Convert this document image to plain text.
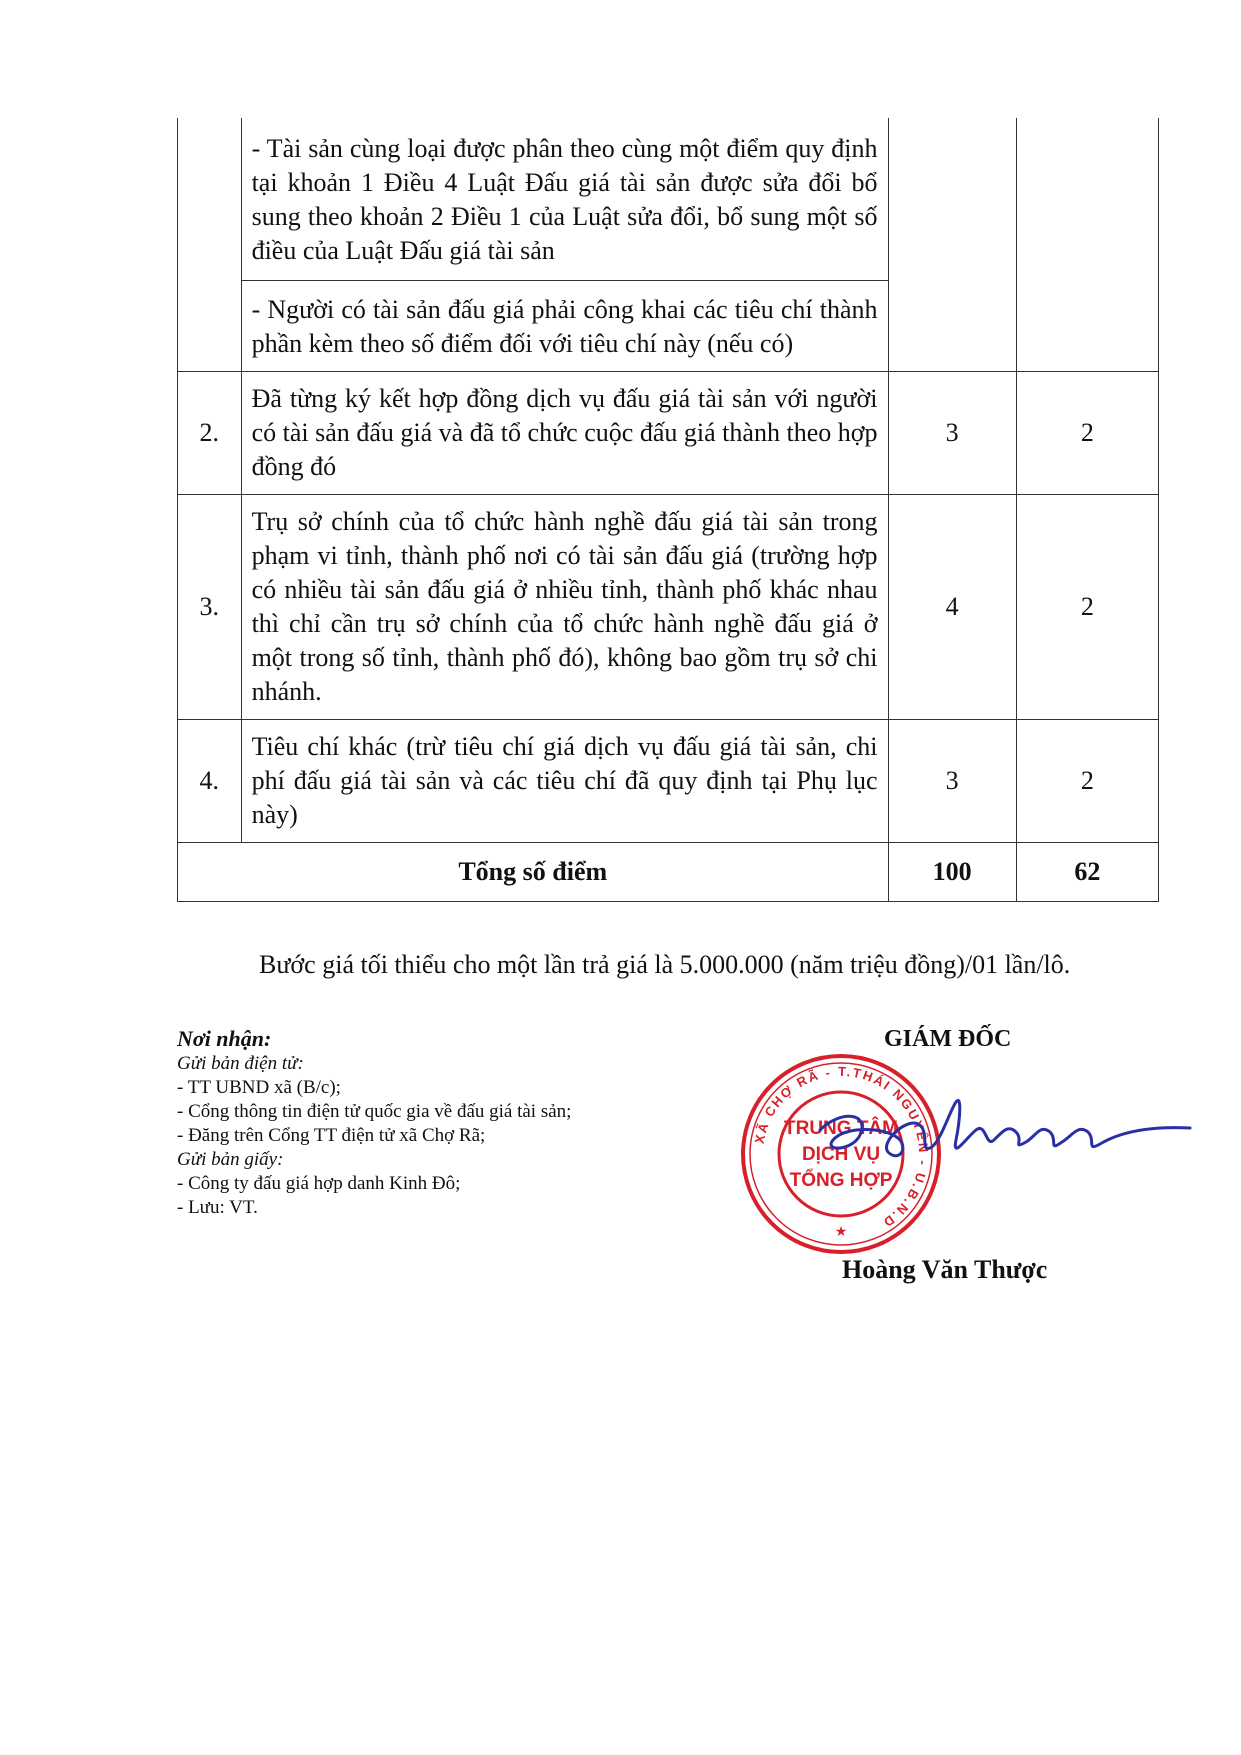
	- Tài sản cùng loại được phân theo cùng một điểm quy định tại khoản 1 Điều 4 Luật Đấu giá tài sản được sửa đổi bổ sung theo khoản 2 Điều 1 của Luật sửa đổi, bổ sung một số điều của Luật Đấu giá tài sản		
	- Người có tài sản đấu giá phải công khai các tiêu chí thành phần kèm theo số điểm đối với tiêu chí này (nếu có)		
2.	Đã từng ký kết hợp đồng dịch vụ đấu giá tài sản với người có tài sản đấu giá và đã tổ chức cuộc đấu giá thành theo hợp đồng đó	3	2
3.	Trụ sở chính của tổ chức hành nghề đấu giá tài sản trong phạm vi tỉnh, thành phố nơi có tài sản đấu giá (trường hợp có nhiều tài sản đấu giá ở nhiều tỉnh, thành phố khác nhau thì chỉ cần trụ sở chính của tổ chức hành nghề đấu giá ở một trong số tỉnh, thành phố đó), không bao gồm trụ sở chi nhánh.	4	2
4.	Tiêu chí khác (trừ tiêu chí giá dịch vụ đấu giá tài sản, chi phí đấu giá tài sản và các tiêu chí đã quy định tại Phụ lục này)	3	2
Tổng số điểm		100	62
Bước giá tối thiểu cho một lần trả giá là 5.000.000 (năm triệu đồng)/01 lần/lô.
Nơi nhận:
Gửi bản điện tử:
- TT UBND xã (B/c);
- Cổng thông tin điện tử quốc gia về đấu giá tài sản;
- Đăng trên Cổng TT điện tử xã Chợ Rã;
Gửi bản giấy:
- Công ty đấu giá hợp danh Kinh Đô;
- Lưu: VT.
GIÁM ĐỐC
XÃ CHỢ RÃ - T.THÁI NGUYÊN - U.B.N.D
★
TRUNG TÂM
DỊCH VỤ
TỔNG HỢP
Hoàng Văn Thược
